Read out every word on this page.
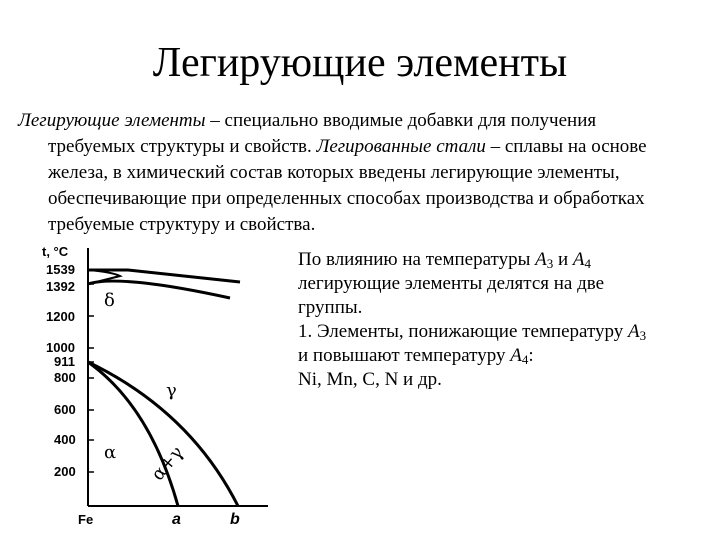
Легирующие элементы
Легирующие элементы – специально вводимые добавки для получения
требуемых структуры и свойств. Легированные стали – сплавы на основе
железа, в химический состав которых введены легирующие элементы,
обеспечивающие при определенных способах производства и обработках
требуемые структуру и свойства.
t, °C
1539
1392
1200
1000
911
800
600
400
200
Fe	a	b
δ
γ
α α+γ
По влиянию на температуры $A_3$ и $A_4$
легирующие элементы делятся на две
группы.
1. Элементы, понижающие температуру $A_3$
и повышают температуру $A_4$:
Ni, Mn, C, N и др.
